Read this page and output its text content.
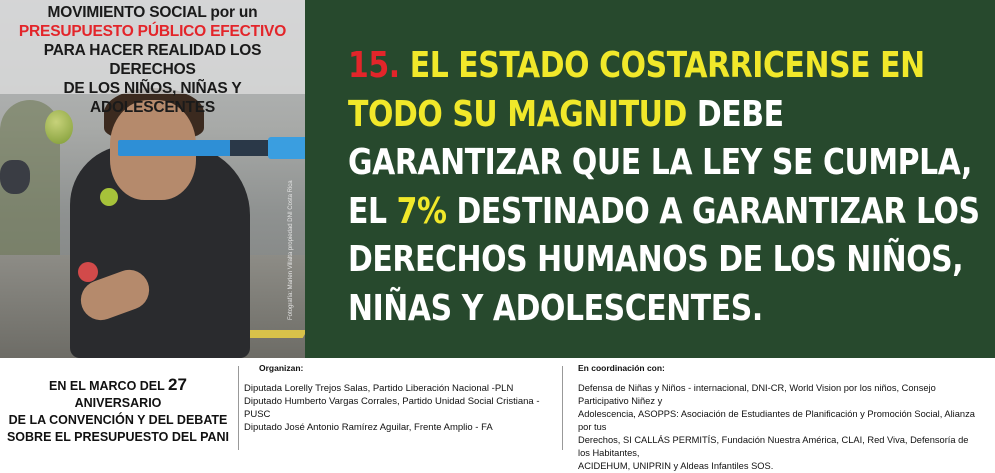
Fotografía: Marlen Villalta propiedad DNI Costa Rica
MOVIMIENTO SOCIAL por un
PRESUPUESTO PÚBLICO EFECTIVO
PARA HACER REALIDAD LOS DERECHOS
DE LOS NIÑOS, NIÑAS Y ADOLESCENTES
15. EL ESTADO COSTARRICENSE EN TODO SU MAGNITUD DEBE GARANTIZAR QUE LA LEY SE CUMPLA, EL 7% DESTINADO A GARANTIZAR LOS DERECHOS HUMANOS DE LOS NIÑOS, NIÑAS Y ADOLESCENTES.
EN EL MARCO DEL 27 ANIVERSARIO
DE LA CONVENCIÓN Y DEL DEBATE
SOBRE EL PRESUPUESTO DEL PANI
Organizan:
Diputada Lorelly Trejos Salas, Partido Liberación Nacional -PLN
Diputado Humberto Vargas Corrales, Partido Unidad Social Cristiana - PUSC
Diputado José Antonio Ramírez Aguilar, Frente Amplio - FA
En coordinación con:
Defensa de Niñas y Niños - internacional, DNI-CR, World Vision por los niños, Consejo Participativo Niñez y
Adolescencia, ASOPPS: Asociación de Estudiantes de Planificación y Promoción Social, Alianza por tus
Derechos, SI CALLÁS PERMITÍS, Fundación Nuestra América, CLAI, Red Viva, Defensoría de los Habitantes,
ACIDEHUM, UNIPRIN y Aldeas Infantiles SOS.
